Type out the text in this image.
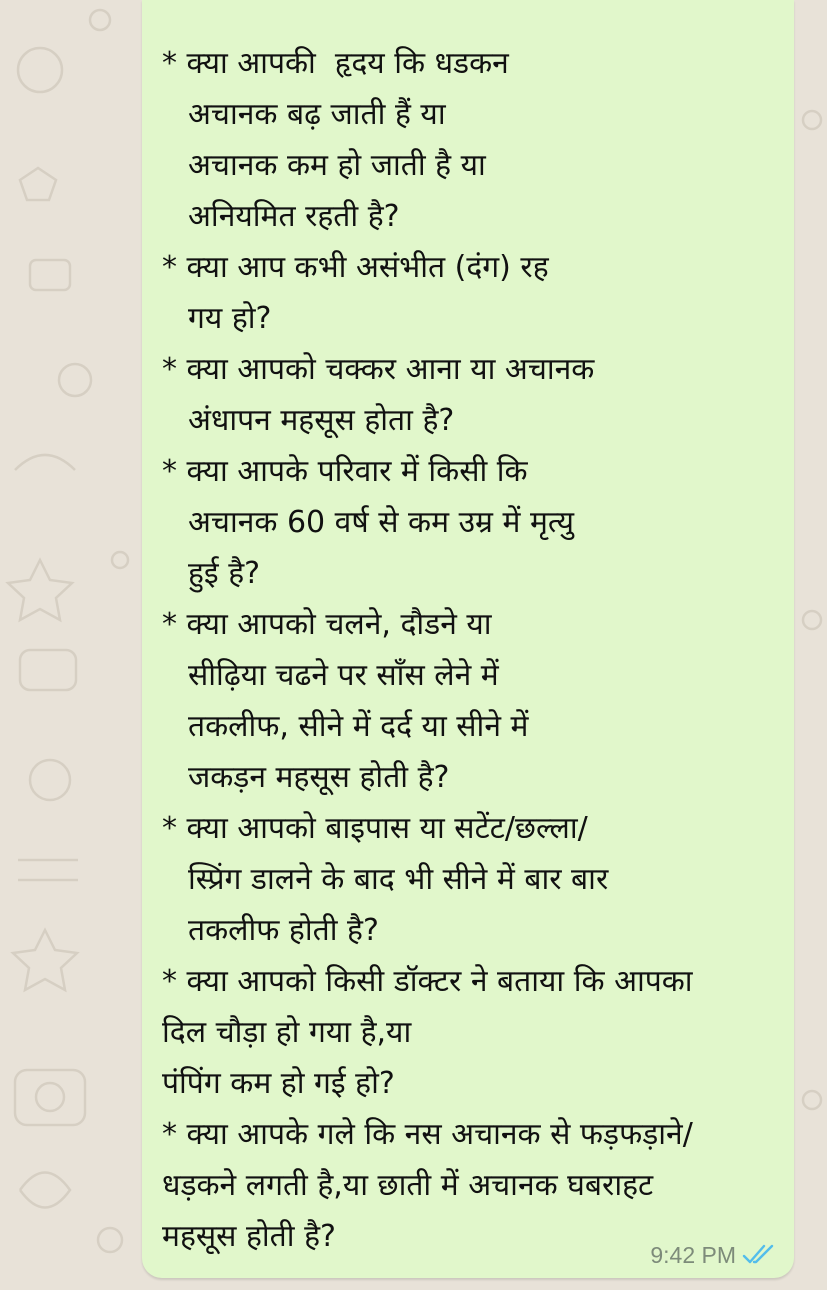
* क्या आपकी  हृदय कि धडकन
अचानक बढ़ जाती हैं या
अचानक कम हो जाती है या
अनियमित रहती है?
* क्या आप कभी असंभीत (दंग) रह
गय हो?
* क्या आपको चक्कर आना या अचानक
अंधापन महसूस होता है?
* क्या आपके परिवार में किसी कि
अचानक 60 वर्ष से कम उम्र में मृत्यु
हुई है?
* क्या आपको चलने, दौडने या
सीढ़िया चढने पर साँस लेने में
तकलीफ, सीने में दर्द या सीने में
जकड़न महसूस होती है?
* क्या आपको बाइपास या सटेंट/छल्ला/
स्प्रिंग डालने के बाद भी सीने में बार बार
तकलीफ होती है?
* क्या आपको किसी डॉक्टर ने बताया कि आपका
दिल चौड़ा हो गया है,या
पंपिंग कम हो गई हो?
* क्या आपके गले कि नस अचानक से फड़फड़ाने/
धड़कने लगती है,या छाती में अचानक घबराहट
महसूस होती है?
9:42 PM
